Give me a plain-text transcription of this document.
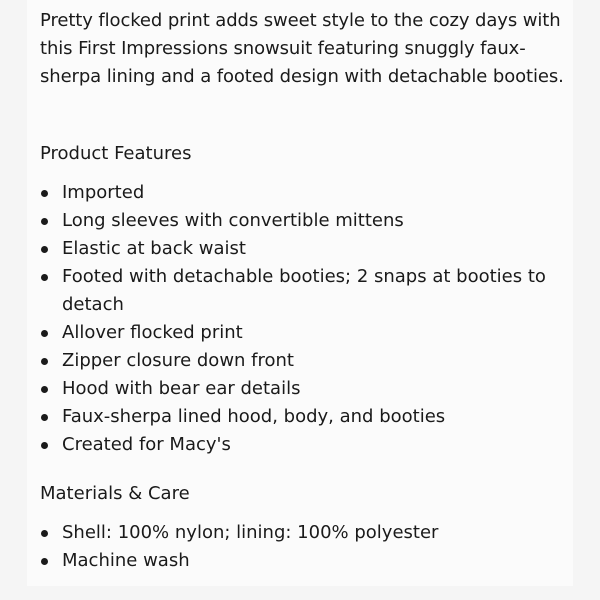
Pretty flocked print adds sweet style to the cozy days with this First Impressions snowsuit featuring snuggly faux-sherpa lining and a footed design with detachable booties.

Product Features
Imported
Long sleeves with convertible mittens
Elastic at back waist
Footed with detachable booties; 2 snaps at booties to detach
Allover flocked print
Zipper closure down front
Hood with bear ear details
Faux-sherpa lined hood, body, and booties
Created for Macy's
Materials & Care
Shell: 100% nylon; lining: 100% polyester
Machine wash
